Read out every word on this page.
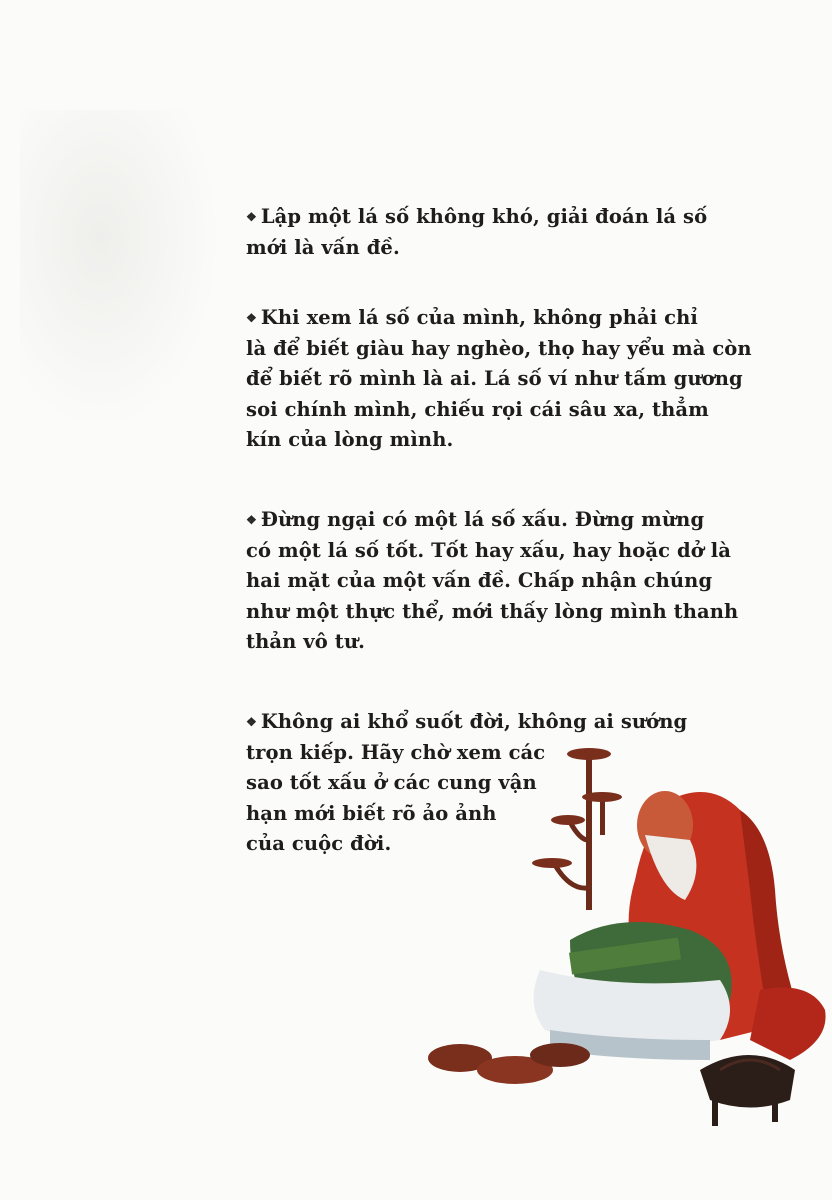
❖ Lập một lá số không khó, giải đoán lá số
mới là vấn đề.

❖ Khi xem lá số của mình, không phải chỉ
là để biết giàu hay nghèo, thọ hay yểu mà còn
để biết rõ mình là ai. Lá số ví như tấm gương
soi chính mình, chiếu rọi cái sâu xa, thẳm
kín của lòng mình.

❖ Đừng ngại có một lá số xấu. Đừng mừng
có một lá số tốt. Tốt hay xấu, hay hoặc dở là
hai mặt của một vấn đề. Chấp nhận chúng
như một thực thể, mới thấy lòng mình thanh
thản vô tư.

❖ Không ai khổ suốt đời, không ai sướng
trọn kiếp. Hãy chờ xem các
sao tốt xấu ở các cung vận
hạn mới biết rõ ảo ảnh
của cuộc đời.
